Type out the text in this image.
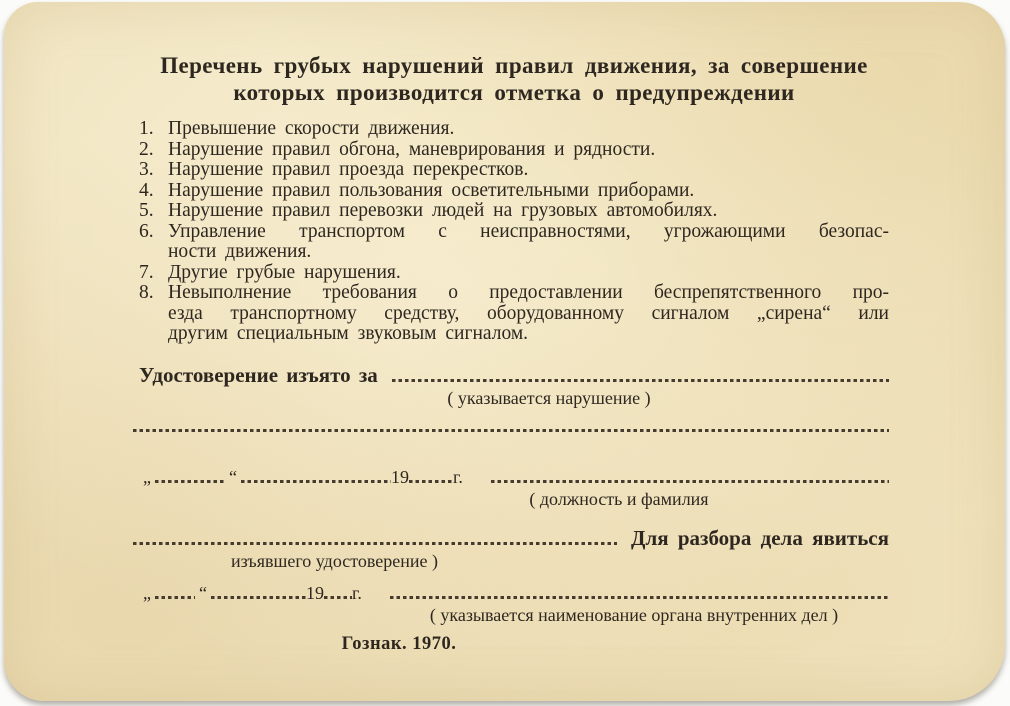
Перечень грубых нарушений правил движения, за совершение
которых производится отметка о предупреждении
1. Превышение скорости движения.
2. Нарушение правил обгона, маневрирования и рядности.
3. Нарушение правил проезда перекрестков.
4. Нарушение правил пользования осветительными приборами.
5. Нарушение правил перевозки людей на грузовых автомобилях.
6. Управление транспортом с неисправностями, угрожающими безопас-
ности движения.
7. Другие грубые нарушения.
8. Невыполнение требования о предоставлении беспрепятственного про-
езда транспортному средству, оборудованному сигналом „сирена“ или
другим специальным звуковым сигналом.
Удостоверение изъято за
( указывается нарушение )
„	“	19 г.
( должность и фамилия
Для разбора дела явиться
изъявшего удостоверение )
„	“	19 г.
( указывается наименование органа внутренних дел )
Гознак. 1970.
